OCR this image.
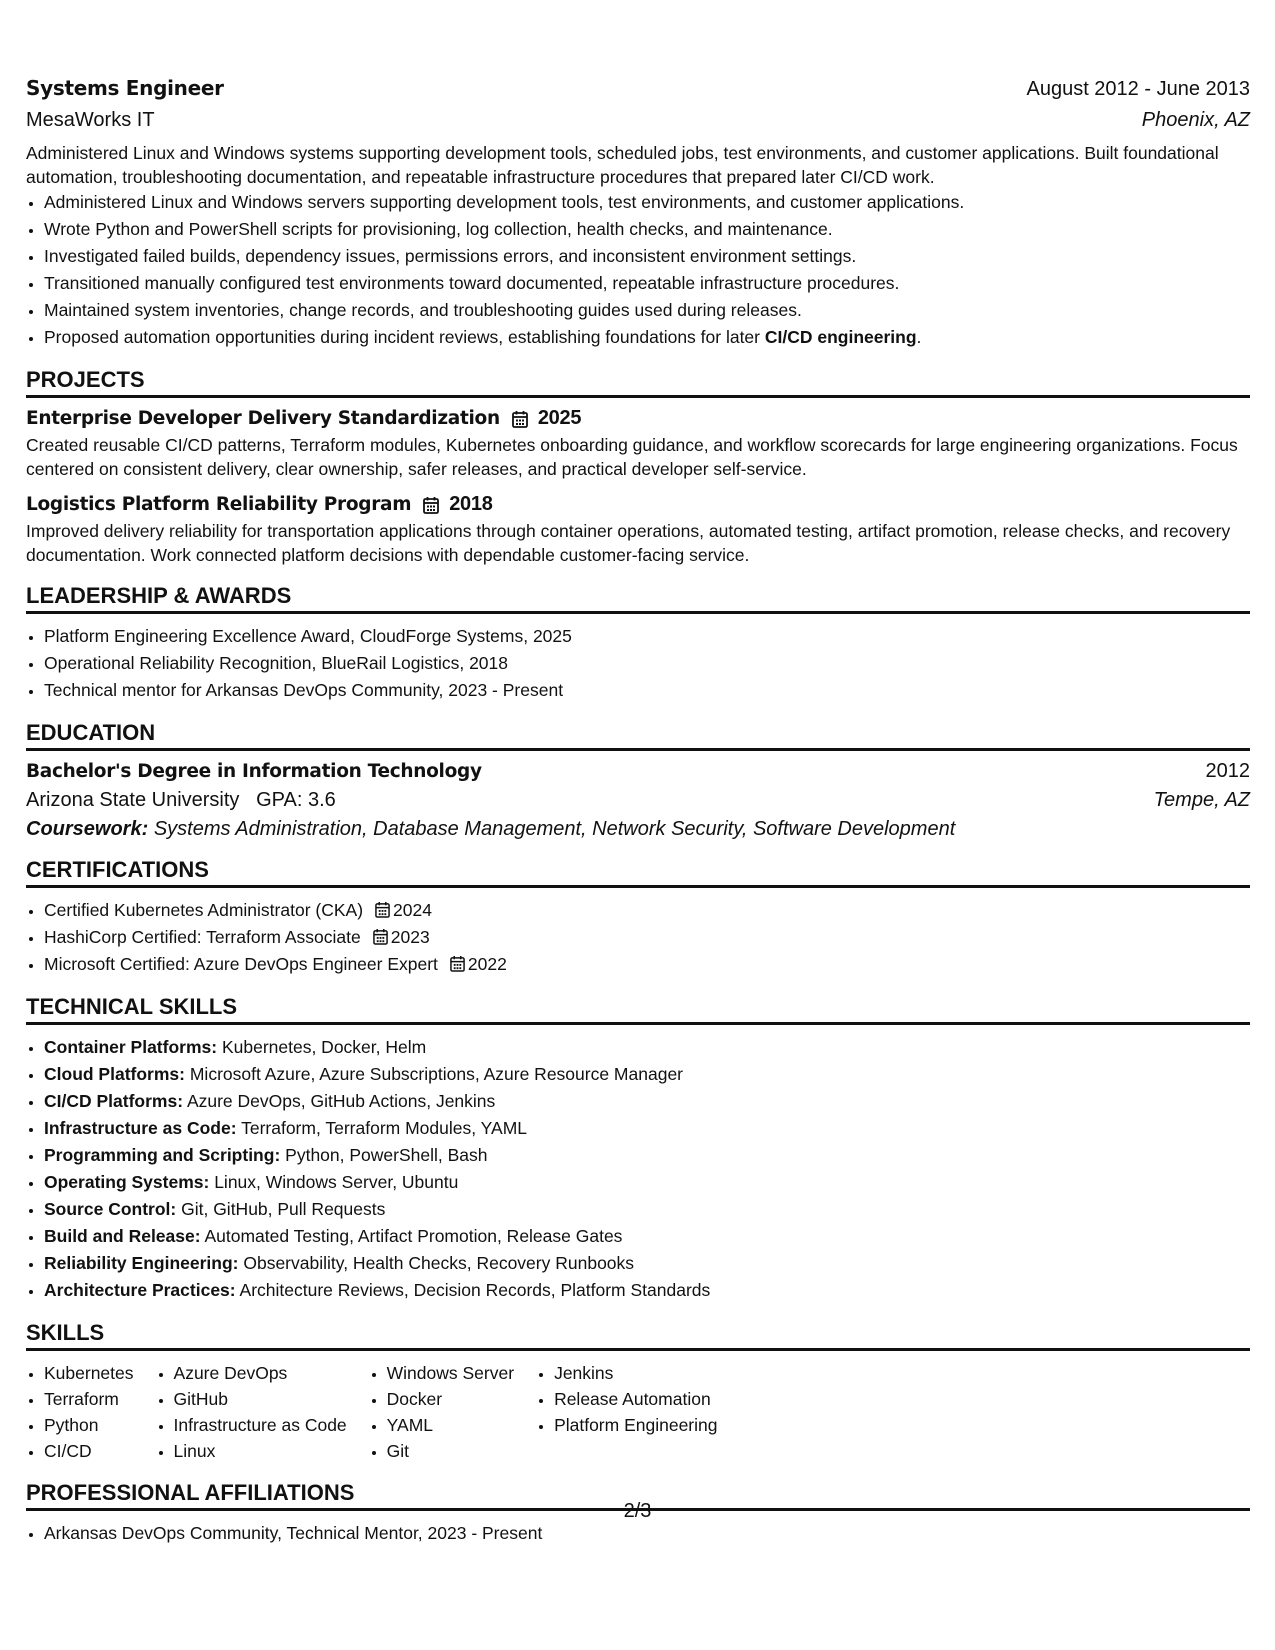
Systems Engineer	August 2012 - June 2013
MesaWorks IT	Phoenix, AZ
Administered Linux and Windows systems supporting development tools, scheduled jobs, test environments, and customer applications. Built foundational automation, troubleshooting documentation, and repeatable infrastructure procedures that prepared later CI/CD work.
• Administered Linux and Windows servers supporting development tools, test environments, and customer applications.
• Wrote Python and PowerShell scripts for provisioning, log collection, health checks, and maintenance.
• Investigated failed builds, dependency issues, permissions errors, and inconsistent environment settings.
• Transitioned manually configured test environments toward documented, repeatable infrastructure procedures.
• Maintained system inventories, change records, and troubleshooting guides used during releases.
• Proposed automation opportunities during incident reviews, establishing foundations for later CI/CD engineering.
PROJECTS
Enterprise Developer Delivery Standardization 2025
Created reusable CI/CD patterns, Terraform modules, Kubernetes onboarding guidance, and workflow scorecards for large engineering organizations. Focus centered on consistent delivery, clear ownership, safer releases, and practical developer self-service.
Logistics Platform Reliability Program 2018
Improved delivery reliability for transportation applications through container operations, automated testing, artifact promotion, release checks, and recovery documentation. Work connected platform decisions with dependable customer-facing service.
LEADERSHIP & AWARDS
• Platform Engineering Excellence Award, CloudForge Systems, 2025
• Operational Reliability Recognition, BlueRail Logistics, 2018
• Technical mentor for Arkansas DevOps Community, 2023 - Present
EDUCATION
Bachelor's Degree in Information Technology	2012
Arizona State University GPA: 3.6	Tempe, AZ
Coursework: Systems Administration, Database Management, Network Security, Software Development
CERTIFICATIONS
• Certified Kubernetes Administrator (CKA) 2024
• HashiCorp Certified: Terraform Associate 2023
• Microsoft Certified: Azure DevOps Engineer Expert 2022
TECHNICAL SKILLS
• Container Platforms: Kubernetes, Docker, Helm
• Cloud Platforms: Microsoft Azure, Azure Subscriptions, Azure Resource Manager
• CI/CD Platforms: Azure DevOps, GitHub Actions, Jenkins
• Infrastructure as Code: Terraform, Terraform Modules, YAML
• Programming and Scripting: Python, PowerShell, Bash
• Operating Systems: Linux, Windows Server, Ubuntu
• Source Control: Git, GitHub, Pull Requests
• Build and Release: Automated Testing, Artifact Promotion, Release Gates
• Reliability Engineering: Observability, Health Checks, Recovery Runbooks
• Architecture Practices: Architecture Reviews, Decision Records, Platform Standards
SKILLS
• Kubernetes
• Terraform
• Python
• CI/CD
• Azure DevOps
• GitHub
• Infrastructure as Code
• Linux
• Windows Server
• Docker
• YAML
• Git
• Jenkins
• Release Automation
• Platform Engineering
PROFESSIONAL AFFILIATIONS
• Arkansas DevOps Community, Technical Mentor, 2023 - Present
2/3
